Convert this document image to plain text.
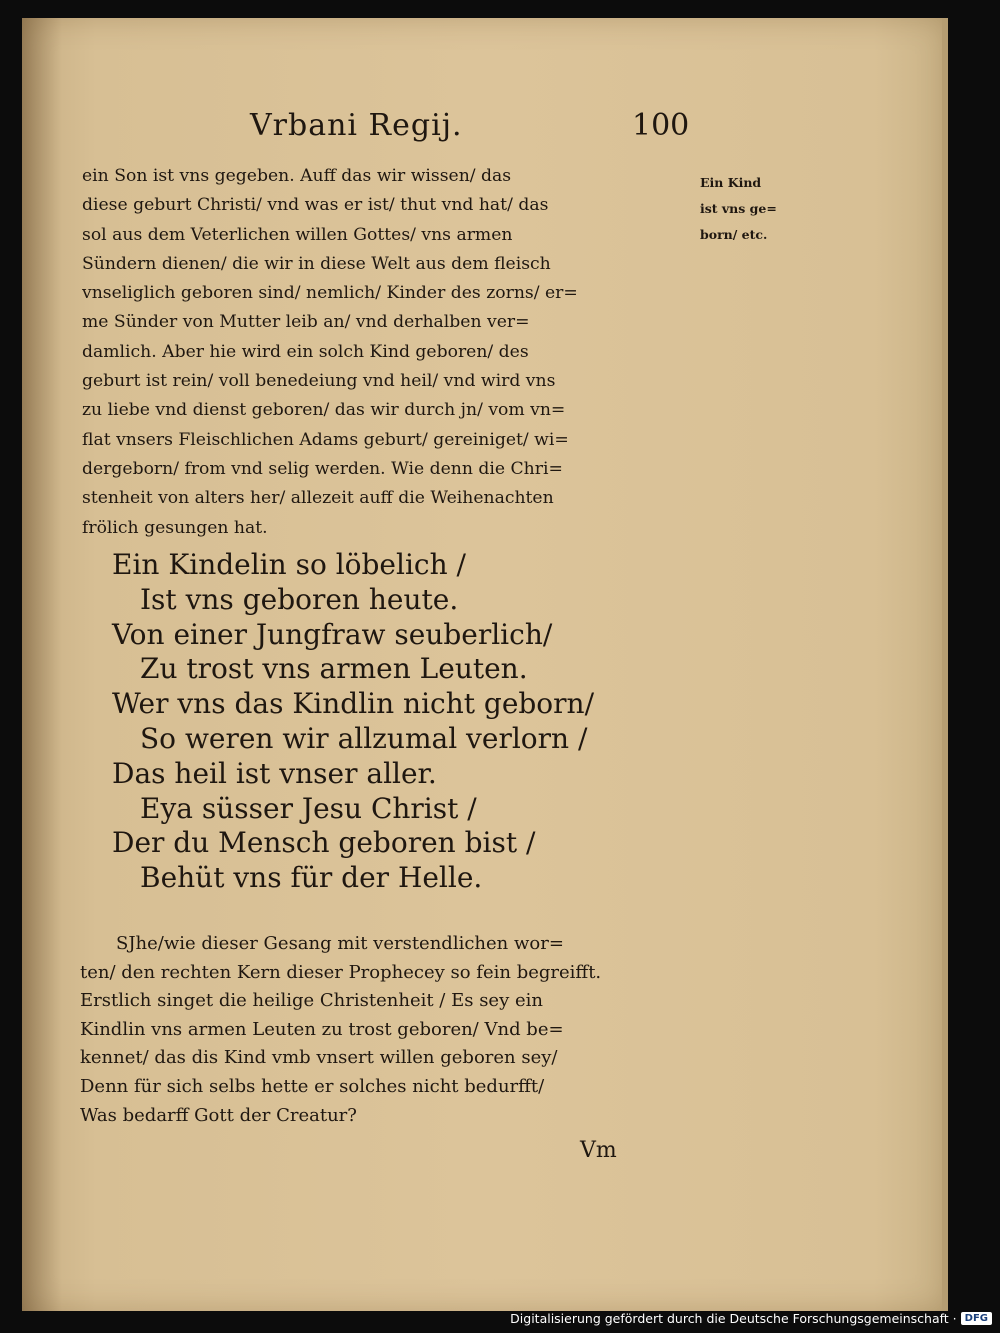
Vrbani Regij.	100
ein Son ist vns gegeben. Auff das wir wissen/ das
diese geburt Christi/ vnd was er ist/ thut vnd hat/ das
sol aus dem Veterlichen willen Gottes/ vns armen
Sündern dienen/ die wir in diese Welt aus dem fleisch
vnseliglich geboren sind/ nemlich/ Kinder des zorns/ er=
me Sünder von Mutter leib an/ vnd derhalben ver=
damlich. Aber hie wird ein solch Kind geboren/ des
geburt ist rein/ voll benedeiung vnd heil/ vnd wird vns
zu liebe vnd dienst geboren/ das wir durch jn/ vom vn=
flat vnsers Fleischlichen Adams geburt/ gereiniget/ wi=
dergeborn/ from vnd selig werden. Wie denn die Chri=
stenheit von alters her/ allezeit auff die Weihenachten
frölich gesungen hat.
Ein Kind
ist vns ge=
born/ etc.
Ein Kindelin so löbelich /
Ist vns geboren heute.
Von einer Jungfraw seuberlich/
Zu trost vns armen Leuten.
Wer vns das Kindlin nicht geborn/
So weren wir allzumal verlorn /
Das heil ist vnser aller.
Eya süsser Jesu Christ /
Der du Mensch geboren bist /
Behüt vns für der Helle.
SJhe/wie dieser Gesang mit verstendlichen wor=
ten/ den rechten Kern dieser Prophecey so fein begreifft.
Erstlich singet die heilige Christenheit / Es sey ein
Kindlin vns armen Leuten zu trost geboren/ Vnd be=
kennet/ das dis Kind vmb vnsert willen geboren sey/
Denn für sich selbs hette er solches nicht bedurfft/
Was bedarff Gott der Creatur?
Vm
Digitalisierung gefördert durch die Deutsche Forschungsgemeinschaft · DFG
